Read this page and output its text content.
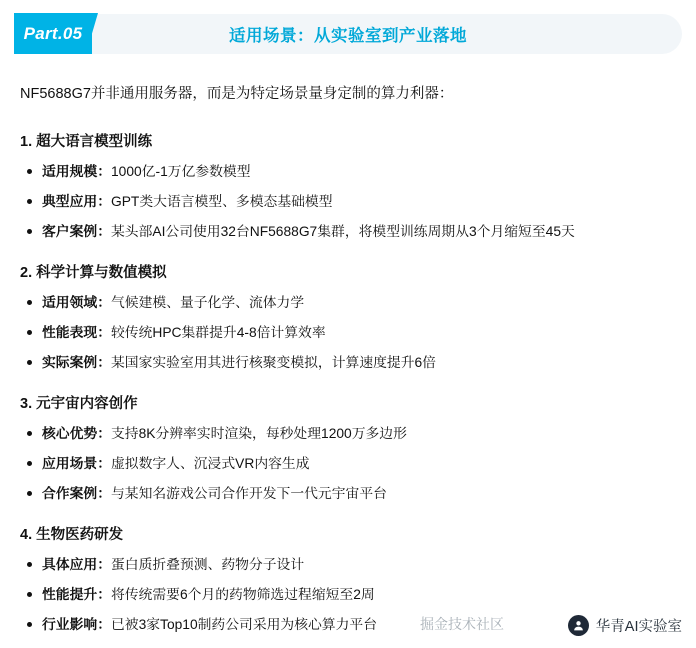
Part.05	适用场景：从实验室到产业落地

NF5688G7并非通用服务器，而是为特定场景量身定制的算力利器：

1. 超大语言模型训练
适用规模：1000亿-1万亿参数模型
典型应用：GPT类大语言模型、多模态基础模型
客户案例：某头部AI公司使用32台NF5688G7集群，将模型训练周期从3个月缩短至45天
2. 科学计算与数值模拟
适用领域：气候建模、量子化学、流体力学
性能表现：较传统HPC集群提升4-8倍计算效率
实际案例：某国家实验室用其进行核聚变模拟，计算速度提升6倍
3. 元宇宙内容创作
核心优势：支持8K分辨率实时渲染，每秒处理1200万多边形
应用场景：虚拟数字人、沉浸式VR内容生成
合作案例：与某知名游戏公司合作开发下一代元宇宙平台
4. 生物医药研发
具体应用：蛋白质折叠预测、药物分子设计
性能提升：将传统需要6个月的药物筛选过程缩短至2周
行业影响：已被3家Top10制药公司采用为核心算力平台	掘金技术社区	华青AI实验室
